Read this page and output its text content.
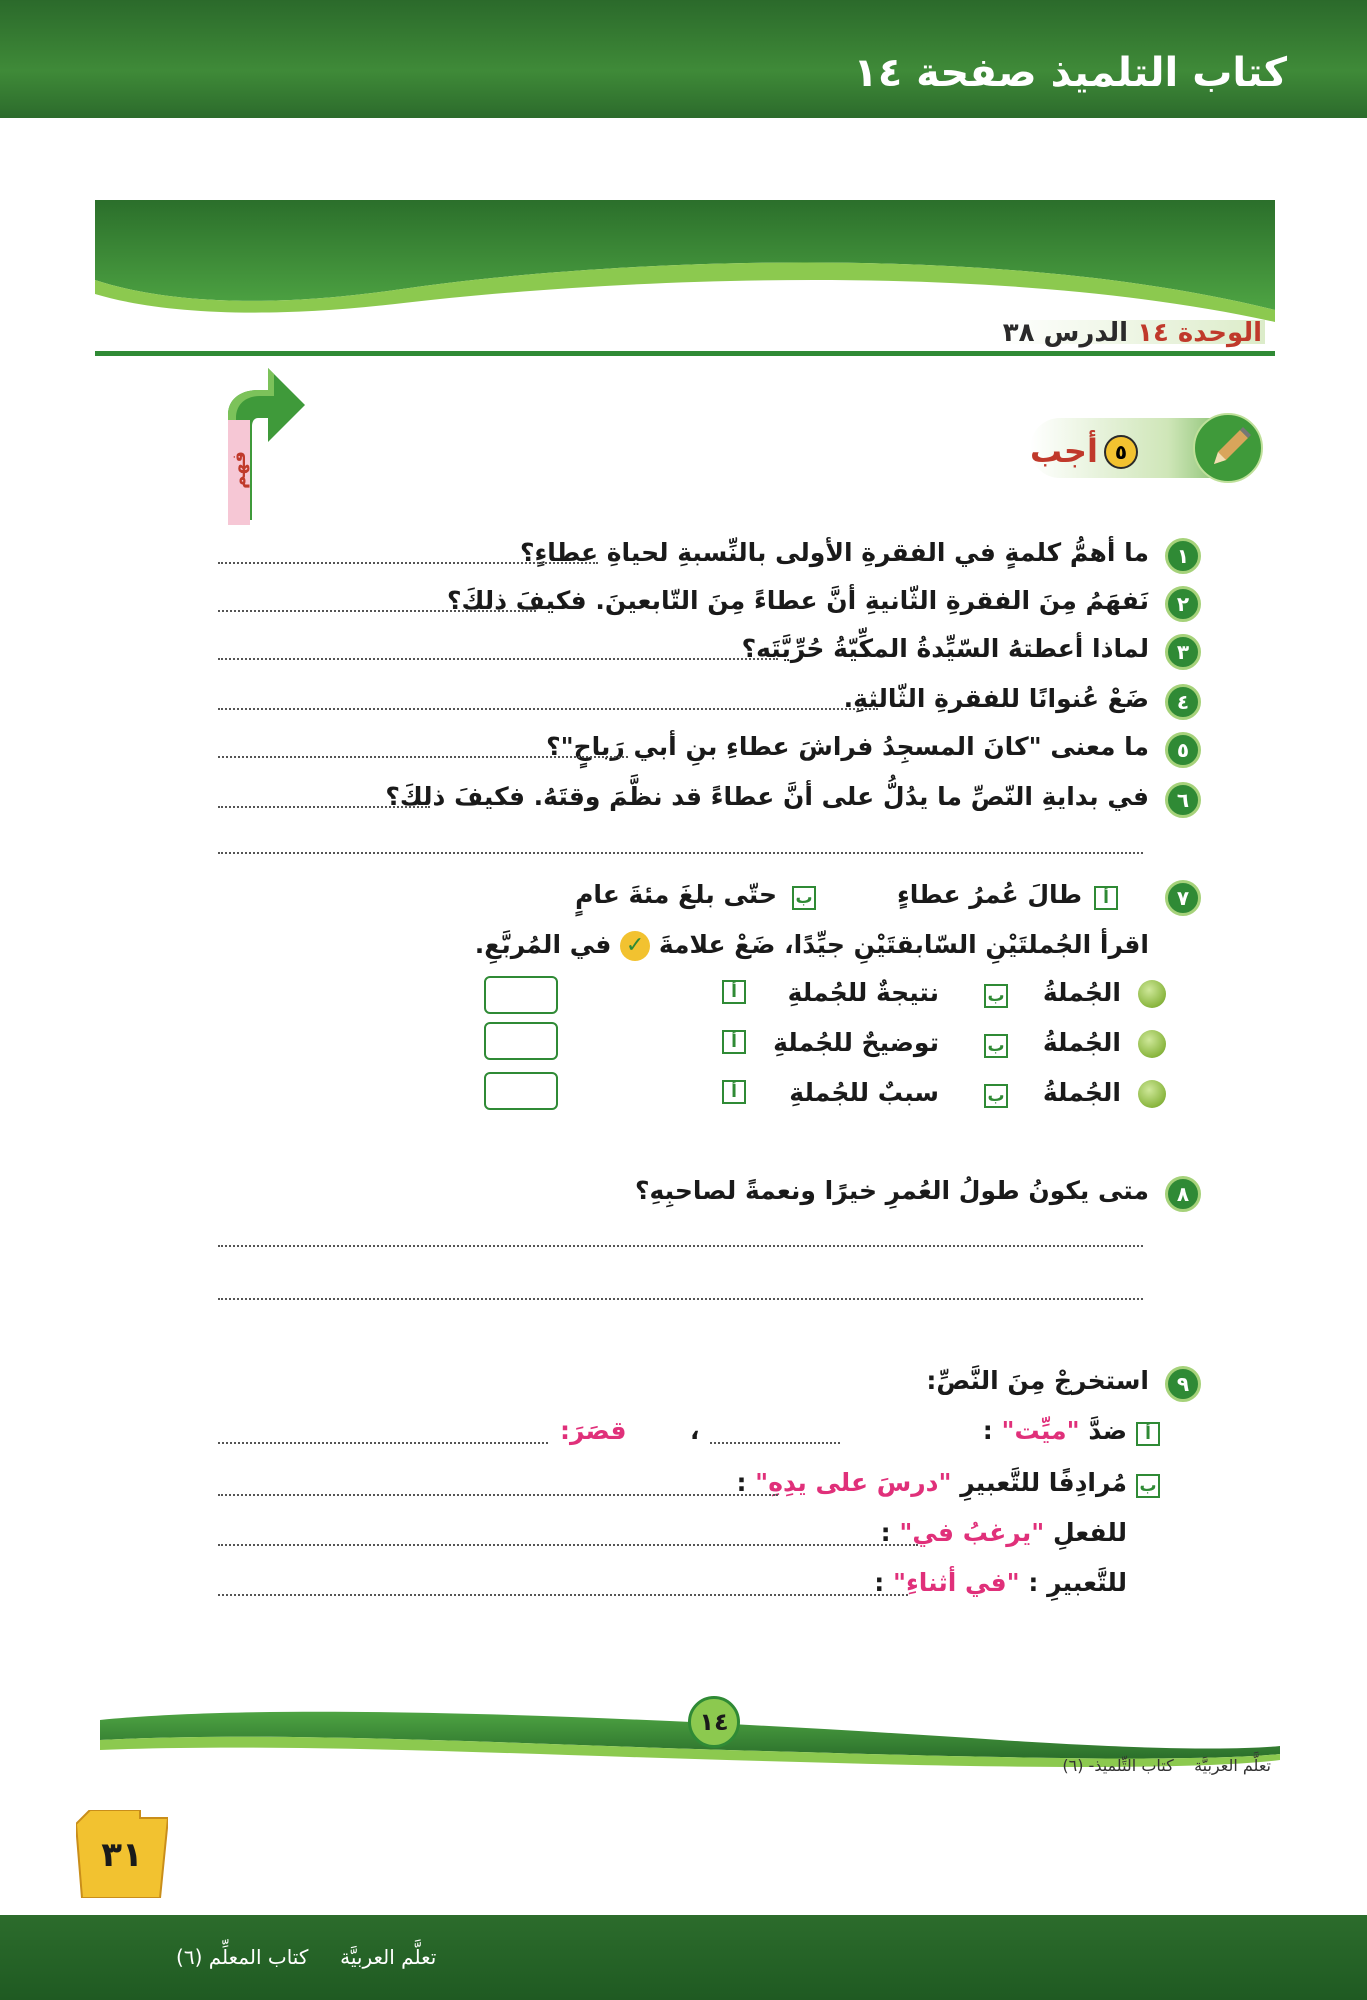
كتاب التلميذ صفحة ١٤
الوحدة ١٤ الدرس ٣٨
فهم	٥
أجب
١
ما أهمُّ كلمةٍ في الفقرةِ الأولى بالنِّسبةِ لحياةِ عطاءٍ؟
٢
نَفهَمُ مِنَ الفقرةِ الثّانيةِ أنَّ عطاءً مِنَ التّابعينَ. فكيفَ ذلكَ؟
٣
لماذا أعطتهُ السّيِّدةُ المكِّيّةُ حُرِّيَّتَه؟
٤
ضَعْ عُنوانًا للفقرةِ الثّالثةِ.
٥
ما معنى "كانَ المسجِدُ فراشَ عطاءِ بنِ أبي رَباحٍ"؟
٦
في بدايةِ النّصِّ ما يدُلُّ على أنَّ عطاءً قد نظَّمَ وقتَهُ. فكيفَ ذلكَ؟
٧
أ
طالَ عُمرُ عطاءٍ
ب
حتّى بلغَ مئةَ عامٍ
اقرأ الجُملتَيْنِ السّابقتَيْنِ جيِّدًا، ضَعْ علامةَ ✓ في المُربَّعِ.
الجُملةُ
ب
نتيجةٌ للجُملةِ
أ
الجُملةُ
ب
توضيحٌ للجُملةِ
أ
الجُملةُ
ب
سببٌ للجُملةِ
أ
٨
متى يكونُ طولُ العُمرِ خيرًا ونعمةً لصاحبِهِ؟
٩
استخرجْ مِنَ النَّصِّ:
أ
ضدَّ "ميِّت" :
،
قصَرَ:
ب
مُرادِفًا للتَّعبيرِ "درسَ على يدِهِ" :
للفعلِ "يرغبُ في" :
للتَّعبيرِ : "في أثناءِ" :
١٤
تعلَّم العربيَّة    كتاب التِّلميذ- (٦)
٣١
تعلَّم العربيَّة     كتاب المعلِّم (٦)
